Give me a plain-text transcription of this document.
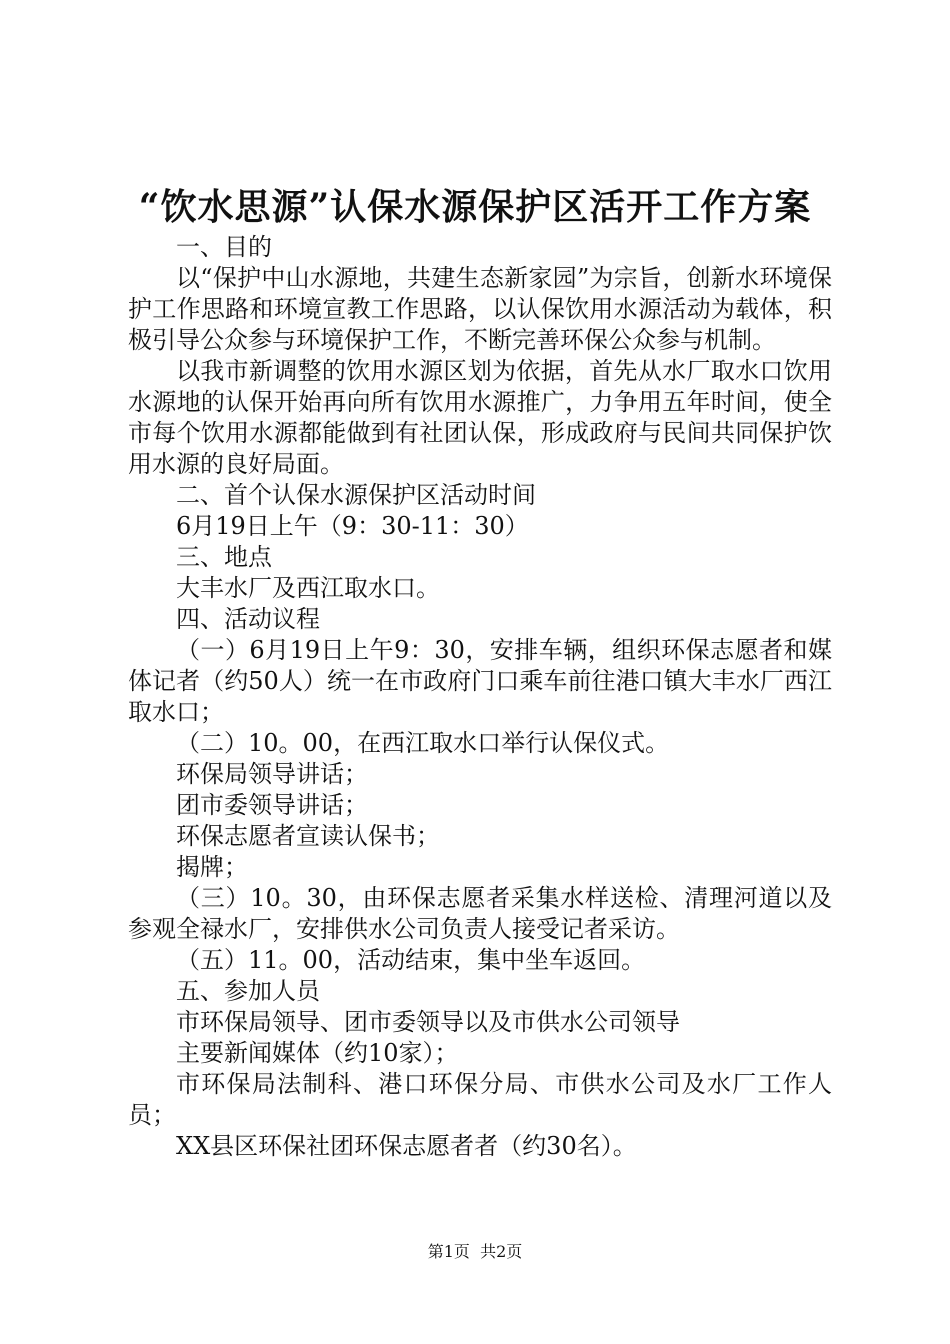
“饮水思源”认保水源保护区活开工作方案

一、目的

以“保护中山水源地，共建生态新家园”为宗旨，创新水环境保护工作思路和环境宣教工作思路，以认保饮用水源活动为载体，积极引导公众参与环境保护工作，不断完善环保公众参与机制。

以我市新调整的饮用水源区划为依据，首先从水厂取水口饮用水源地的认保开始再向所有饮用水源推广，力争用五年时间，使全市每个饮用水源都能做到有社团认保，形成政府与民间共同保护饮用水源的良好局面。

二、首个认保水源保护区活动时间

6月19日上午（9：30-11：30）

三、地点

大丰水厂及西江取水口。

四、活动议程

（一）6月19日上午9：30，安排车辆，组织环保志愿者和媒体记者（约50人）统一在市政府门口乘车前往港口镇大丰水厂西江取水口；

（二）10。00，在西江取水口举行认保仪式。

环保局领导讲话；

团市委领导讲话；

环保志愿者宣读认保书；

揭牌；

（三）10。30，由环保志愿者采集水样送检、清理河道以及参观全禄水厂，安排供水公司负责人接受记者采访。

（五）11。00，活动结束，集中坐车返回。

五、参加人员

市环保局领导、团市委领导以及市供水公司领导

主要新闻媒体（约10家）；

市环保局法制科、港口环保分局、市供水公司及水厂工作人员；

XX县区环保社团环保志愿者者（约30名）。

第1页  共2页
